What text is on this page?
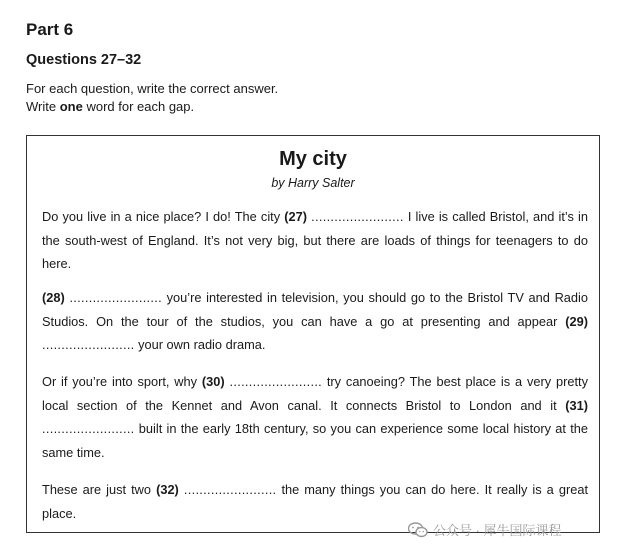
Part 6
Questions 27–32
For each question, write the correct answer.
Write one word for each gap.
My city
by Harry Salter
Do you live in a nice place? I do! The city (27) ........................ I live is called Bristol, and it’s in the south-west of England. It’s not very big, but there are loads of things for teenagers to do here.
(28) ........................ you’re interested in television, you should go to the Bristol TV and Radio Studios. On the tour of the studios, you can have a go at presenting and appear (29) ........................ your own radio drama.
Or if you’re into sport, why (30) ........................ try canoeing? The best place is a very pretty local section of the Kennet and Avon canal. It connects Bristol to London and it (31) ........................ built in the early 18th century, so you can experience some local history at the same time.
These are just two (32) ........................ the many things you can do here. It really is a great place.
公众号 · 犀牛国际课程
